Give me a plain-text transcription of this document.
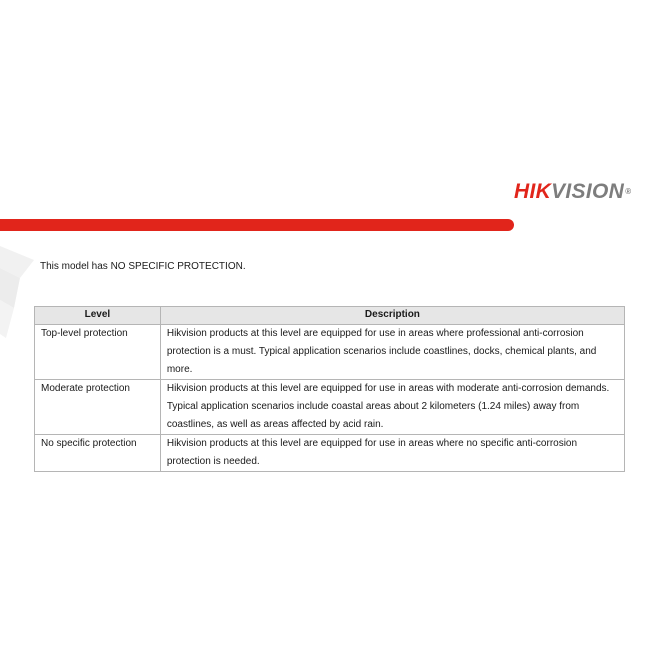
HIKVISION®
This model has NO SPECIFIC PROTECTION.
Level	Description
Top-level protection	Hikvision products at this level are equipped for use in areas where professional anti-corrosion protection is a must. Typical application scenarios include coastlines, docks, chemical plants, and more.
Moderate protection	Hikvision products at this level are equipped for use in areas with moderate anti-corrosion demands. Typical application scenarios include coastal areas about 2 kilometers (1.24 miles) away from coastlines, as well as areas affected by acid rain.
No specific protection	Hikvision products at this level are equipped for use in areas where no specific anti-corrosion protection is needed.
